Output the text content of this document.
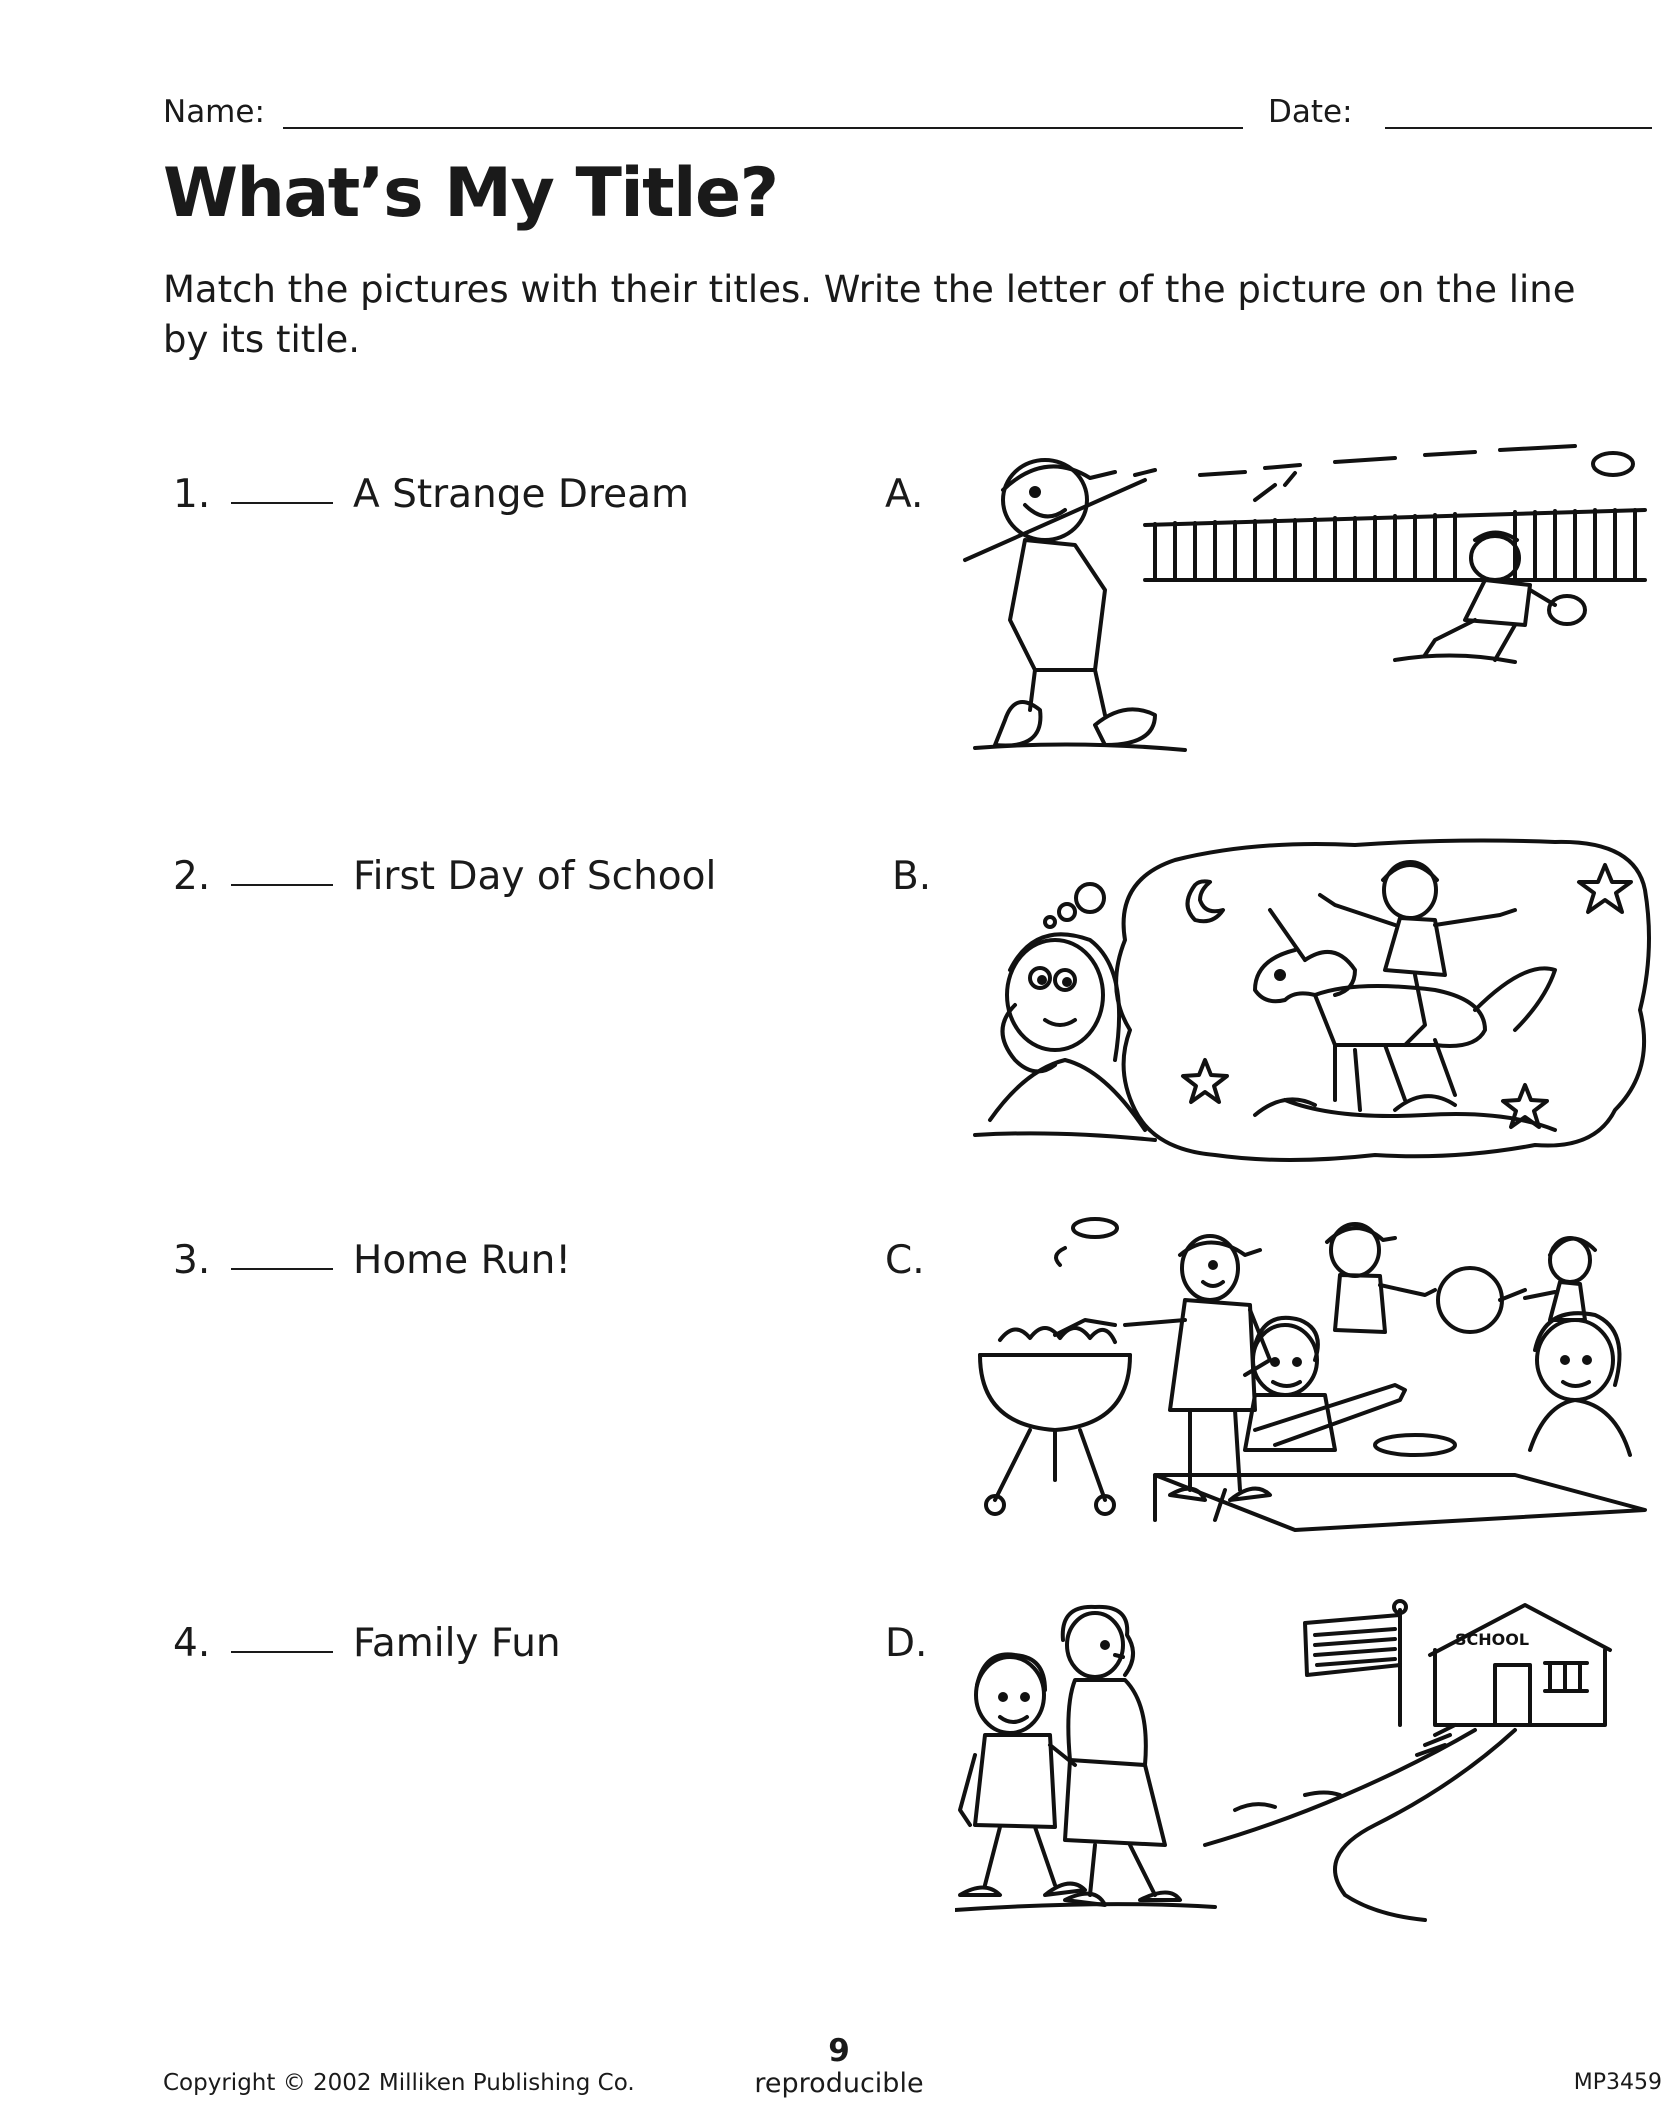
Name:	Date:
What’s My Title?
Match the pictures with their titles. Write the letter of the picture on the line by its title.
1.	A Strange Dream
2.	First Day of School
3.	Home Run!
4.	Family Fun
A.
B.
C.
D.	SCHOOL
9
Copyright © 2002 Milliken Publishing Co.	reproducible	MP3459
